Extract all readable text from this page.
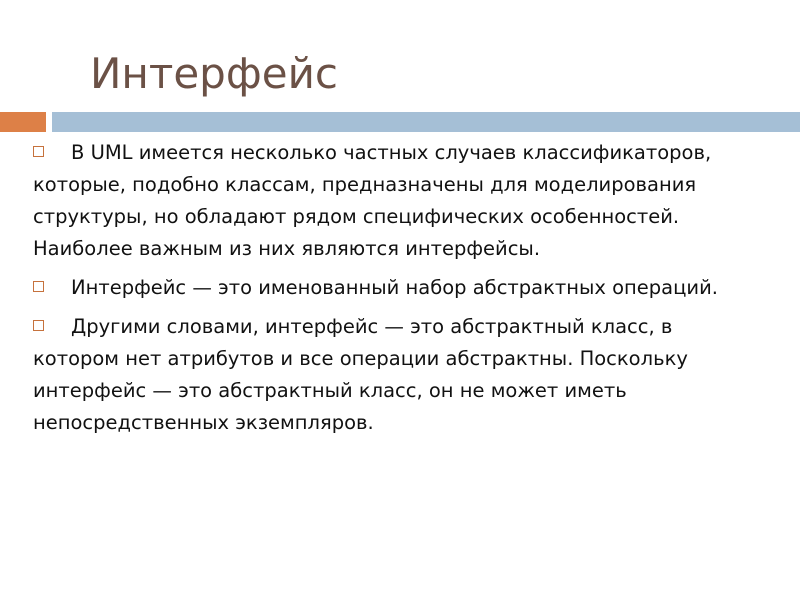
Интерфейс

В UML имеется несколько частных случаев классификаторов, которые, подобно классам, предназначены для моделирования структуры, но обладают рядом специфических особенностей. Наиболее важным из них являются интерфейсы.

Интерфейс — это именованный набор абстрактных операций.

Другими словами, интерфейс — это абстрактный класс, в котором нет атрибутов и все операции абстрактны. Поскольку интерфейс — это абстрактный класс, он не может иметь непосредственных экземпляров.
